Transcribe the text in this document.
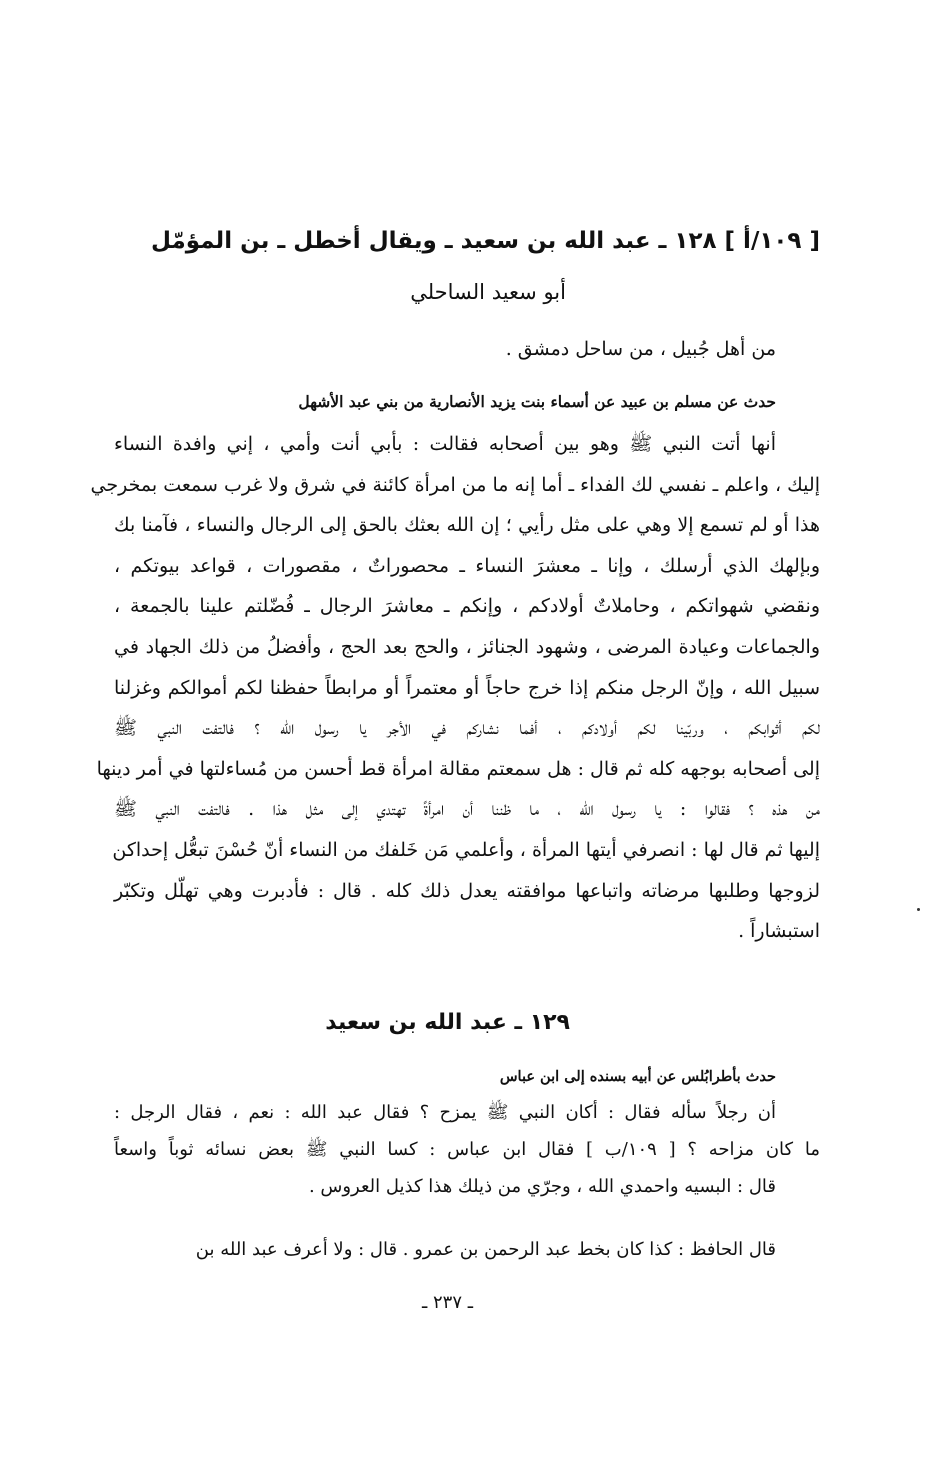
[ ١٠٩/أ ] ١٢٨ ـ عبد الله بن سعيد ـ ويقال أخطل ـ بن المؤمّل
أبو سعيد الساحلي
من أهل جُبيل ، من ساحل دمشق .
حدث عن مسلم بن عبيد عن أسماء بنت يزيد الأنصارية من بني عبد الأشهل
أنها أتت النبي ﷺ وهو بين أصحابه فقالت : بأبي أنت وأمي ، إني وافدة النساء
إليك ، واعلم ـ نفسي لك الفداء ـ أما إنه ما من امرأة كائنة في شرق ولا غرب سمعت بمخرجي
هذا أو لم تسمع إلا وهي على مثل رأيي ؛ إن الله بعثك بالحق إلى الرجال والنساء ، فآمنا بك
وبإلهك الذي أرسلك ، وإنا ـ معشرَ النساء ـ محصوراتٌ ، مقصورات ، قواعد بيوتكم ،
ونقضي شهواتكم ، وحاملاتٌ أولادكم ، وإنكم ـ معاشرَ الرجال ـ فُضّلتم علينا بالجمعة ،
والجماعات وعيادة المرضى ، وشهود الجنائز ، والحج بعد الحج ، وأفضلُ من ذلك الجهاد في
سبيل الله ، وإنّ الرجل منكم إذا خرج حاجاً أو معتمراً أو مرابطاً حفظنا لكم أموالكم وغزلنا
لكم أثوابكم ، وربّينا لكم أولادكم ، أفما نشاركم في الأجر يا رسول الله ؟ فالتفت النبي ﷺ
إلى أصحابه بوجهه كله ثم قال : هل سمعتم مقالة امرأة قط أحسن من مُساءلتها في أمر دينها
من هذه ؟ فقالوا : يا رسول الله ، ما ظننا أن امرأةً تهتدي إلى مثل هذا . فالتفت النبي ﷺ
إليها ثم قال لها : انصرفي أيتها المرأة ، وأعلمي مَن خَلفك من النساء أنّ حُسْنَ تبعُّل إحداكن
لزوجها وطلبها مرضاته واتباعها موافقته يعدل ذلك كله . قال : فأدبرت وهي تهلّل وتكبّر
استبشاراً .
١٢٩ ـ عبد الله بن سعيد
حدث بأطرابُلس عن أبيه بسنده إلى ابن عباس
أن رجلاً سأله فقال : أكان النبي ﷺ يمزح ؟ فقال عبد الله : نعم ، فقال الرجل :
ما كان مزاحه ؟ [ ١٠٩/ب ] فقال ابن عباس : كسا النبي ﷺ بعض نسائه ثوباً واسعاً
قال : البسيه واحمدي الله ، وجرّي من ذيلك هذا كذيل العروس .
قال الحافظ : كذا كان بخط عبد الرحمن بن عمرو . قال : ولا أعرف عبد الله بن
ـ ٢٣٧ ـ
